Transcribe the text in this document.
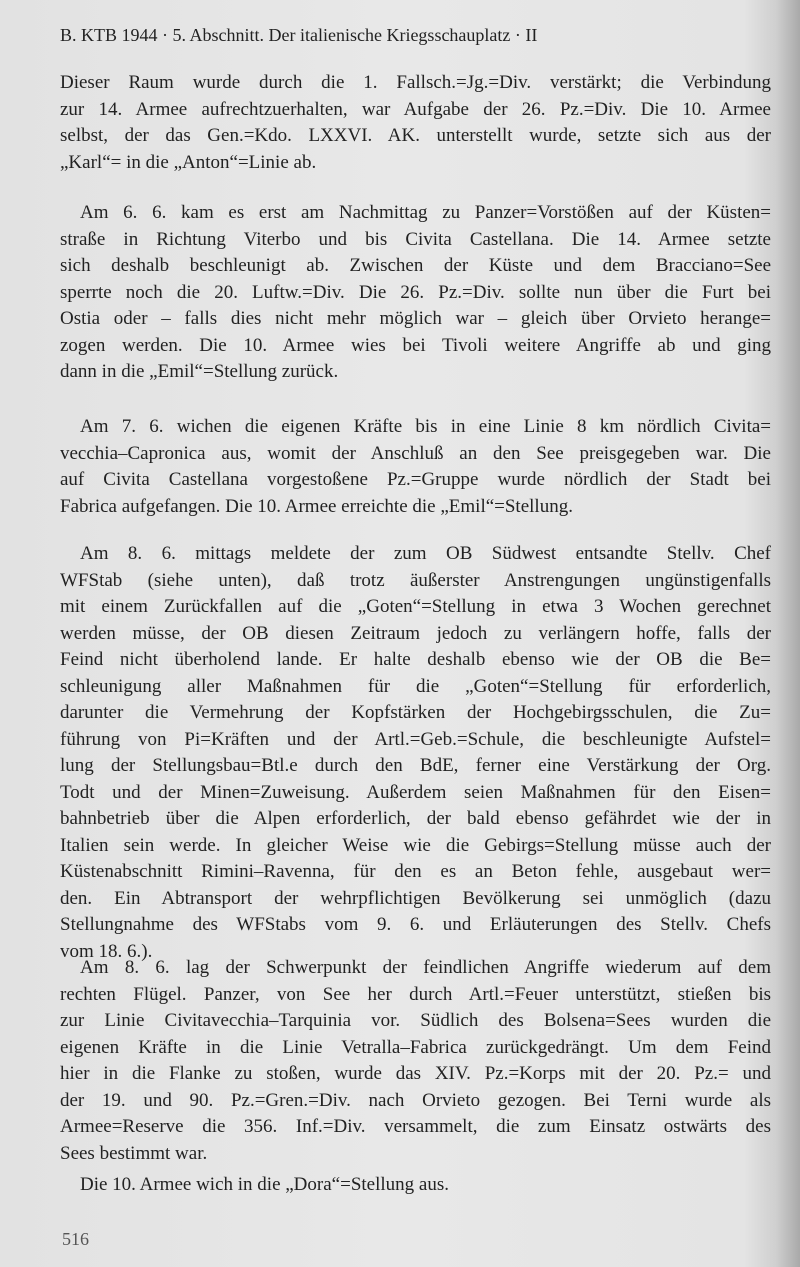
B. KTB 1944 · 5. Abschnitt. Der italienische Kriegsschauplatz · II
Dieser Raum wurde durch die 1. Fallsch.=Jg.=Div. verstärkt; die Verbindung
zur 14. Armee aufrechtzuerhalten, war Aufgabe der 26. Pz.=Div. Die 10. Armee
selbst, der das Gen.=Kdo. LXXVI. AK. unterstellt wurde, setzte sich aus der
„Karl“= in die „Anton“=Linie ab.
Am 6. 6. kam es erst am Nachmittag zu Panzer=Vorstößen auf der Küsten=
straße in Richtung Viterbo und bis Civita Castellana. Die 14. Armee setzte
sich deshalb beschleunigt ab. Zwischen der Küste und dem Bracciano=See
sperrte noch die 20. Luftw.=Div. Die 26. Pz.=Div. sollte nun über die Furt bei
Ostia oder – falls dies nicht mehr möglich war – gleich über Orvieto herange=
zogen werden. Die 10. Armee wies bei Tivoli weitere Angriffe ab und ging
dann in die „Emil“=Stellung zurück.
Am 7. 6. wichen die eigenen Kräfte bis in eine Linie 8 km nördlich Civita=
vecchia–Capronica aus, womit der Anschluß an den See preisgegeben war. Die
auf Civita Castellana vorgestoßene Pz.=Gruppe wurde nördlich der Stadt bei
Fabrica aufgefangen. Die 10. Armee erreichte die „Emil“=Stellung.
Am 8. 6. mittags meldete der zum OB Südwest entsandte Stellv. Chef
WFStab (siehe unten), daß trotz äußerster Anstrengungen ungünstigenfalls
mit einem Zurückfallen auf die „Goten“=Stellung in etwa 3 Wochen gerechnet
werden müsse, der OB diesen Zeitraum jedoch zu verlängern hoffe, falls der
Feind nicht überholend lande. Er halte deshalb ebenso wie der OB die Be=
schleunigung aller Maßnahmen für die „Goten“=Stellung für erforderlich,
darunter die Vermehrung der Kopfstärken der Hochgebirgsschulen, die Zu=
führung von Pi=Kräften und der Artl.=Geb.=Schule, die beschleunigte Aufstel=
lung der Stellungsbau=Btl.e durch den BdE, ferner eine Verstärkung der Org.
Todt und der Minen=Zuweisung. Außerdem seien Maßnahmen für den Eisen=
bahnbetrieb über die Alpen erforderlich, der bald ebenso gefährdet wie der in
Italien sein werde. In gleicher Weise wie die Gebirgs=Stellung müsse auch der
Küstenabschnitt Rimini–Ravenna, für den es an Beton fehle, ausgebaut wer=
den. Ein Abtransport der wehrpflichtigen Bevölkerung sei unmöglich (dazu
Stellungnahme des WFStabs vom 9. 6. und Erläuterungen des Stellv. Chefs
vom 18. 6.).
Am 8. 6. lag der Schwerpunkt der feindlichen Angriffe wiederum auf dem
rechten Flügel. Panzer, von See her durch Artl.=Feuer unterstützt, stießen bis
zur Linie Civitavecchia–Tarquinia vor. Südlich des Bolsena=Sees wurden die
eigenen Kräfte in die Linie Vetralla–Fabrica zurückgedrängt. Um dem Feind
hier in die Flanke zu stoßen, wurde das XIV. Pz.=Korps mit der 20. Pz.= und
der 19. und 90. Pz.=Gren.=Div. nach Orvieto gezogen. Bei Terni wurde als
Armee=Reserve die 356. Inf.=Div. versammelt, die zum Einsatz ostwärts des
Sees bestimmt war.
Die 10. Armee wich in die „Dora“=Stellung aus.
516
